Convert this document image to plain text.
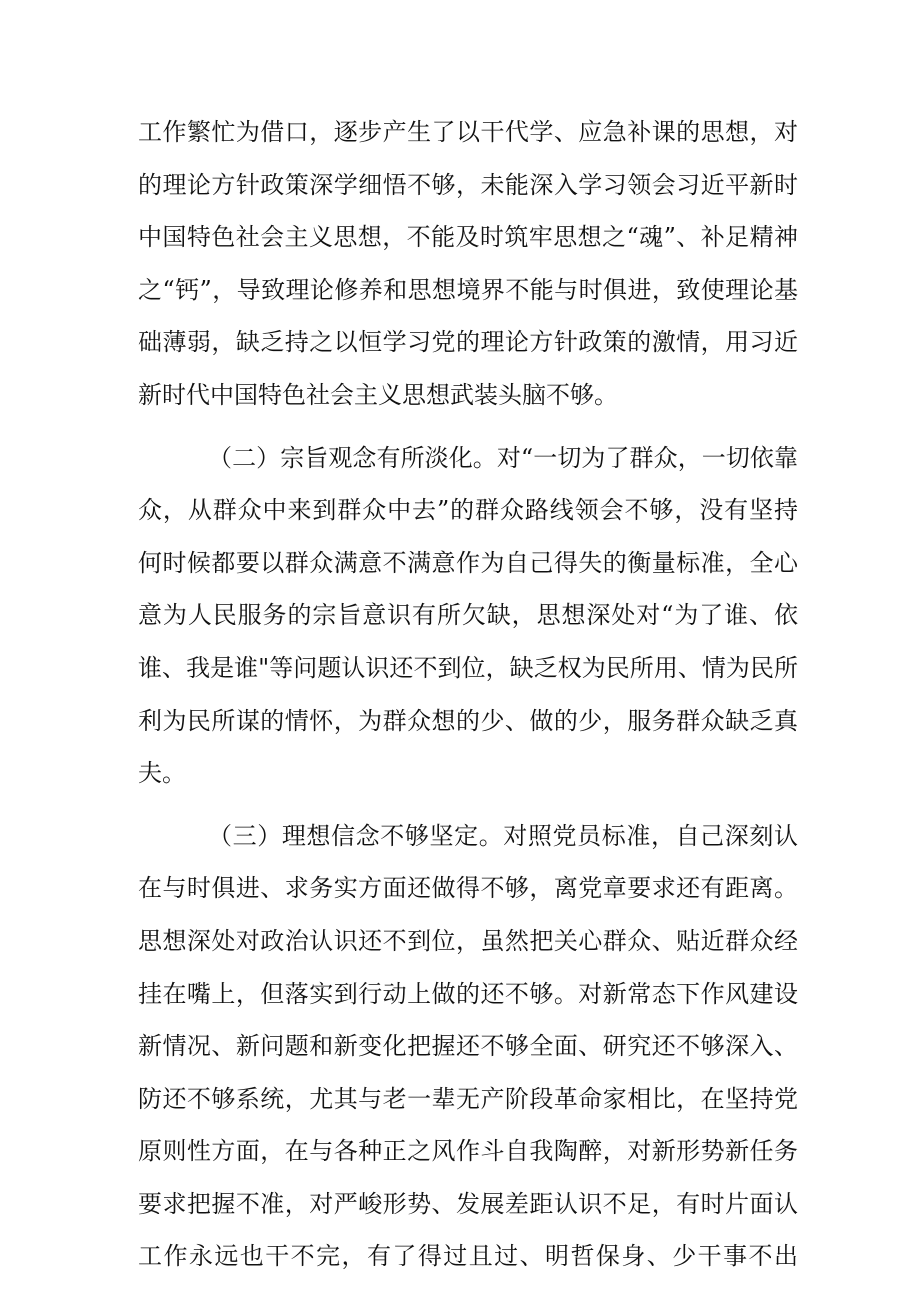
工作繁忙为借口，逐步产生了以干代学、应急补课的思想，对
的理论方针政策深学细悟不够，未能深入学习领会习近平新时
中国特色社会主义思想，不能及时筑牢思想之“魂”、补足精神
之“钙”，导致理论修养和思想境界不能与时俱进，致使理论基
础薄弱，缺乏持之以恒学习党的理论方针政策的激情，用习近
新时代中国特色社会主义思想武装头脑不够。
（二）宗旨观念有所淡化。对“一切为了群众，一切依靠
众，从群众中来到群众中去”的群众路线领会不够，没有坚持
何时候都要以群众满意不满意作为自己得失的衡量标准，全心
意为人民服务的宗旨意识有所欠缺，思想深处对“为了谁、依
谁、我是谁"等问题认识还不到位，缺乏权为民所用、情为民所
利为民所谋的情怀，为群众想的少、做的少，服务群众缺乏真
夫。
（三）理想信念不够坚定。对照党员标准，自己深刻认
在与时俱进、求务实方面还做得不够，离党章要求还有距离。
思想深处对政治认识还不到位，虽然把关心群众、贴近群众经
挂在嘴上，但落实到行动上做的还不够。对新常态下作风建设
新情况、新问题和新变化把握还不够全面、研究还不够深入、
防还不够系统，尤其与老一辈无产阶段革命家相比，在坚持党
原则性方面，在与各种正之风作斗自我陶醉，对新形势新任务
要求把握不准，对严峻形势、发展差距认识不足，有时片面认
工作永远也干不完，有了得过且过、明哲保身、少干事不出
